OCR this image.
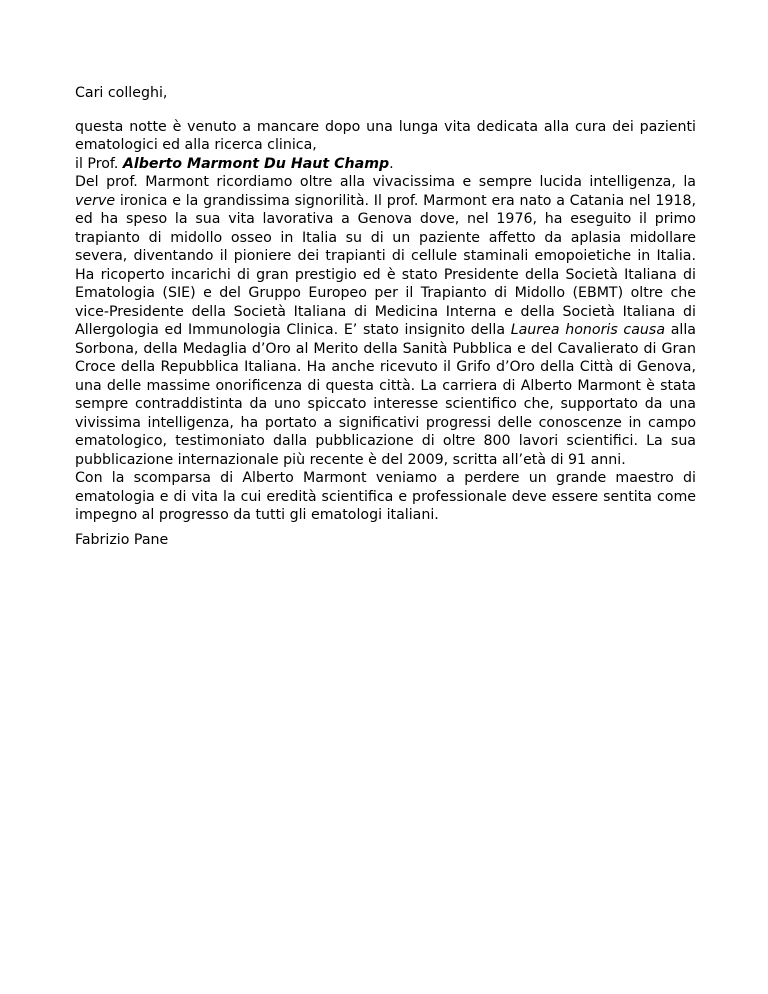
Cari colleghi,

questa notte è venuto a mancare dopo una lunga vita dedicata alla cura dei pazienti ematologici ed alla ricerca clinica,
il Prof. Alberto Marmont Du Haut Champ.
Del prof. Marmont ricordiamo oltre alla vivacissima e sempre lucida intelligenza, la verve ironica e la grandissima signorilità. Il prof. Marmont era nato a Catania nel 1918, ed ha speso la sua vita lavorativa a Genova dove, nel 1976, ha eseguito il primo trapianto di midollo osseo in Italia su di un paziente affetto da aplasia midollare severa, diventando il pioniere dei trapianti di cellule staminali emopoietiche in Italia. Ha ricoperto incarichi di gran prestigio ed è stato Presidente della Società Italiana di Ematologia (SIE) e del Gruppo Europeo per il Trapianto di Midollo (EBMT) oltre che vice-Presidente della Società Italiana di Medicina Interna e della Società Italiana di Allergologia ed Immunologia Clinica. E’ stato insignito della Laurea honoris causa alla Sorbona, della Medaglia d’Oro al Merito della Sanità Pubblica e del Cavalierato di Gran Croce della Repubblica Italiana. Ha anche ricevuto il Grifo d’Oro della Città di Genova, una delle massime onorificenza di questa città. La carriera di Alberto Marmont è stata sempre contraddistinta da uno spiccato interesse scientifico che, supportato da una vivissima intelligenza, ha portato a significativi progressi delle conoscenze in campo ematologico, testimoniato dalla pubblicazione di oltre 800 lavori scientifici. La sua pubblicazione internazionale più recente è del 2009, scritta all’età di 91 anni.
Con la scomparsa di Alberto Marmont veniamo a perdere un grande maestro di ematologia e di vita la cui eredità scientifica e professionale deve essere sentita come impegno al progresso da tutti gli ematologi italiani.

Fabrizio Pane
